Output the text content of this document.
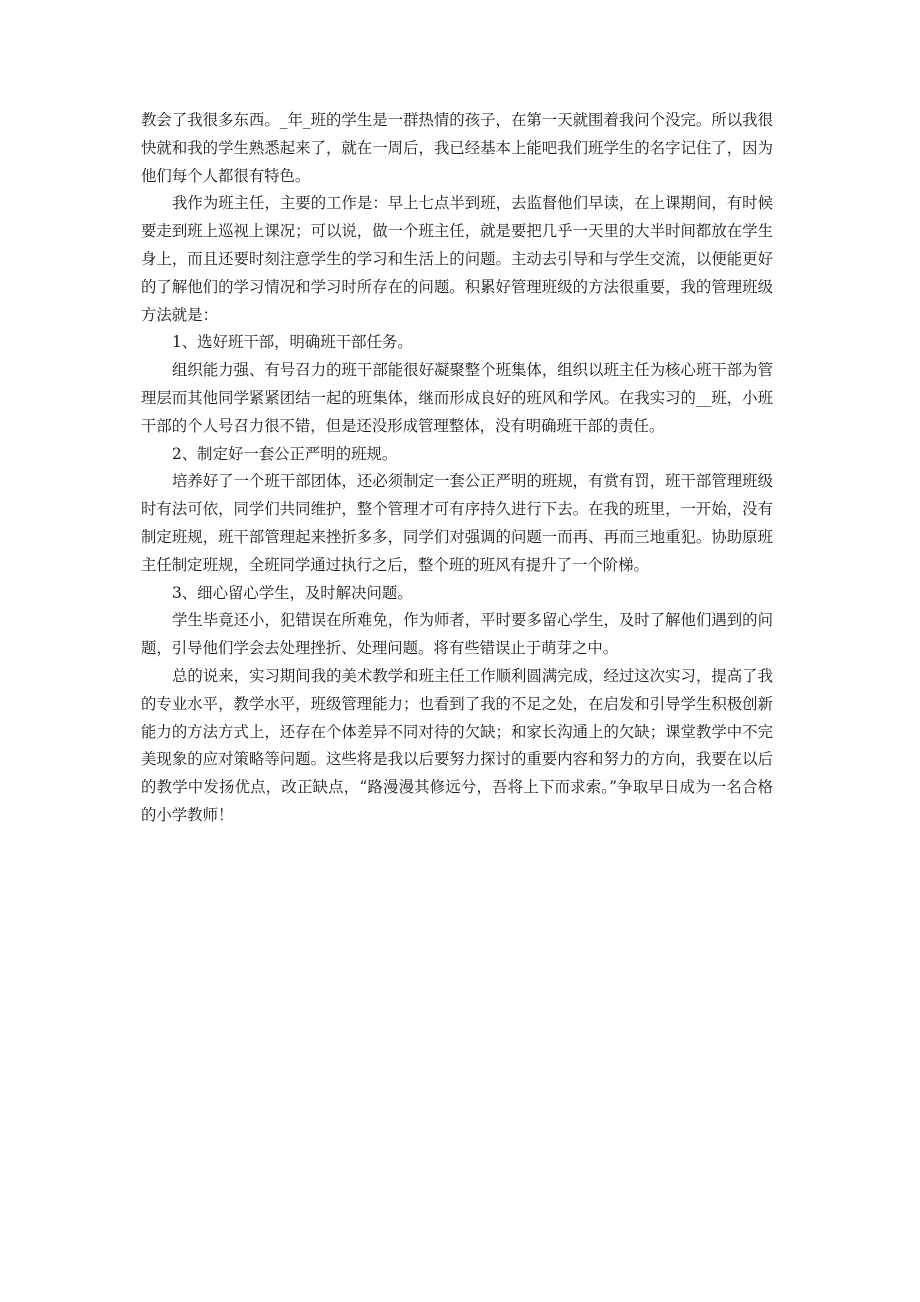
教会了我很多东西。_年_班的学生是一群热情的孩子，在第一天就围着我问个没完。所以我很快就和我的学生熟悉起来了，就在一周后，我已经基本上能吧我们班学生的名字记住了，因为他们每个人都很有特色。

我作为班主任，主要的工作是：早上七点半到班，去监督他们早读，在上课期间，有时候要走到班上巡视上课况；可以说，做一个班主任，就是要把几乎一天里的大半时间都放在学生身上，而且还要时刻注意学生的学习和生活上的问题。主动去引导和与学生交流，以便能更好的了解他们的学习情况和学习时所存在的问题。积累好管理班级的方法很重要，我的管理班级方法就是：

1、选好班干部，明确班干部任务。

组织能力强、有号召力的班干部能很好凝聚整个班集体，组织以班主任为核心班干部为管理层而其他同学紧紧团结一起的班集体，继而形成良好的班风和学风。在我实习的__班，小班干部的个人号召力很不错，但是还没形成管理整体，没有明确班干部的责任。

2、制定好一套公正严明的班规。

培养好了一个班干部团体，还必须制定一套公正严明的班规，有赏有罚，班干部管理班级时有法可依，同学们共同维护，整个管理才可有序持久进行下去。在我的班里，一开始，没有制定班规，班干部管理起来挫折多多，同学们对强调的问题一而再、再而三地重犯。协助原班主任制定班规，全班同学通过执行之后，整个班的班风有提升了一个阶梯。

3、细心留心学生，及时解决问题。

学生毕竟还小，犯错误在所难免，作为师者，平时要多留心学生，及时了解他们遇到的问题，引导他们学会去处理挫折、处理问题。将有些错误止于萌芽之中。

总的说来，实习期间我的美术教学和班主任工作顺利圆满完成，经过这次实习，提高了我的专业水平，教学水平，班级管理能力；也看到了我的不足之处，在启发和引导学生积极创新能力的方法方式上，还存在个体差异不同对待的欠缺；和家长沟通上的欠缺；课堂教学中不完美现象的应对策略等问题。这些将是我以后要努力探讨的重要内容和努力的方向，我要在以后的教学中发扬优点，改正缺点，“路漫漫其修远兮，吾将上下而求索。”争取早日成为一名合格的小学教师！
